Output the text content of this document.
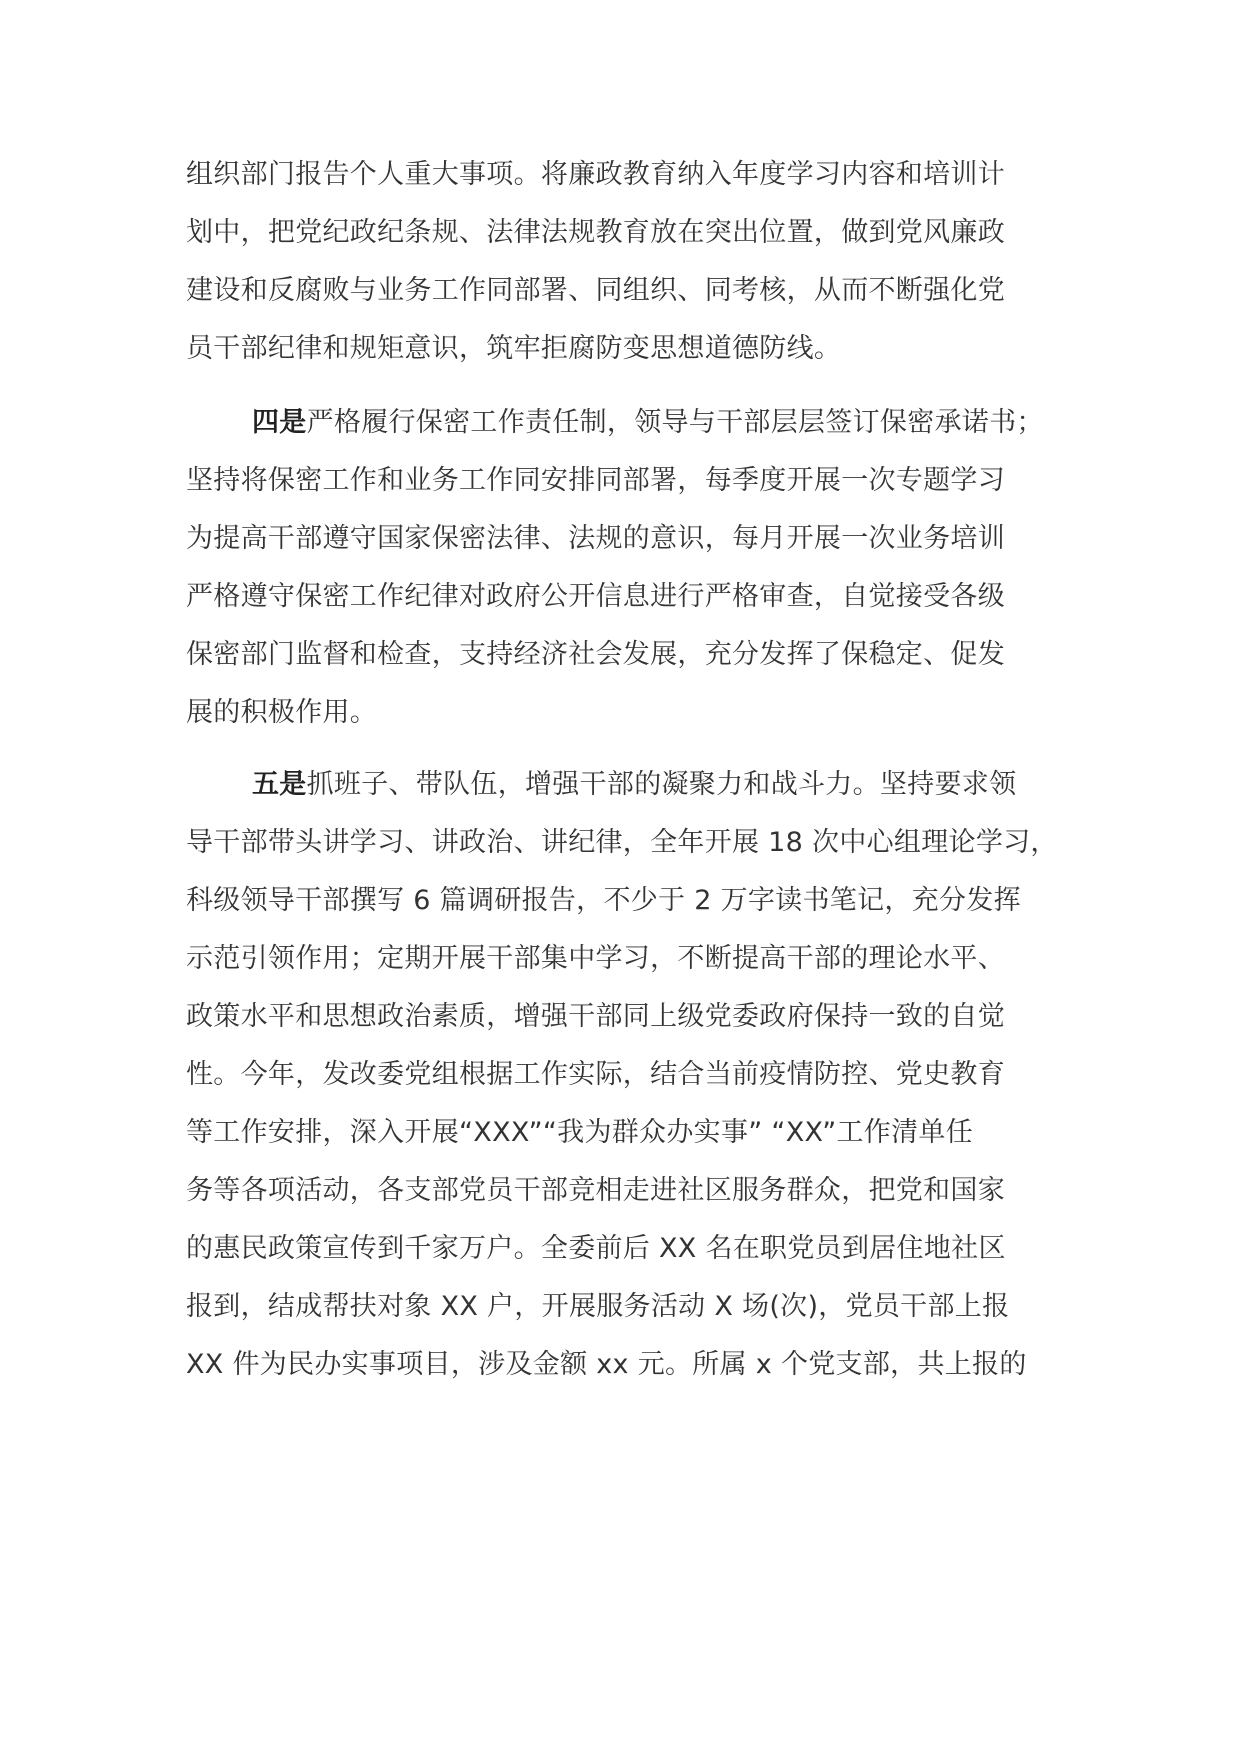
组织部门报告个人重大事项。将廉政教育纳入年度学习内容和培训计
划中，把党纪政纪条规、法律法规教育放在突出位置，做到党风廉政
建设和反腐败与业务工作同部署、同组织、同考核，从而不断强化党
员干部纪律和规矩意识，筑牢拒腐防变思想道德防线。
四是严格履行保密工作责任制，领导与干部层层签订保密承诺书；
坚持将保密工作和业务工作同安排同部署，每季度开展一次专题学习
为提高干部遵守国家保密法律、法规的意识，每月开展一次业务培训
严格遵守保密工作纪律对政府公开信息进行严格审查，自觉接受各级
保密部门监督和检查，支持经济社会发展，充分发挥了保稳定、促发
展的积极作用。
五是抓班子、带队伍，增强干部的凝聚力和战斗力。坚持要求领
导干部带头讲学习、讲政治、讲纪律，全年开展 18 次中心组理论学习，
科级领导干部撰写 6 篇调研报告，不少于 2 万字读书笔记，充分发挥
示范引领作用；定期开展干部集中学习，不断提高干部的理论水平、
政策水平和思想政治素质，增强干部同上级党委政府保持一致的自觉
性。今年，发改委党组根据工作实际，结合当前疫情防控、党史教育
等工作安排，深入开展“XXX”“我为群众办实事” “XX”工作清单任
务等各项活动，各支部党员干部竞相走进社区服务群众，把党和国家
的惠民政策宣传到千家万户。全委前后 XX 名在职党员到居住地社区
报到，结成帮扶对象 XX 户，开展服务活动 X 场(次)，党员干部上报
XX 件为民办实事项目，涉及金额 xx 元。所属 x 个党支部，共上报的
